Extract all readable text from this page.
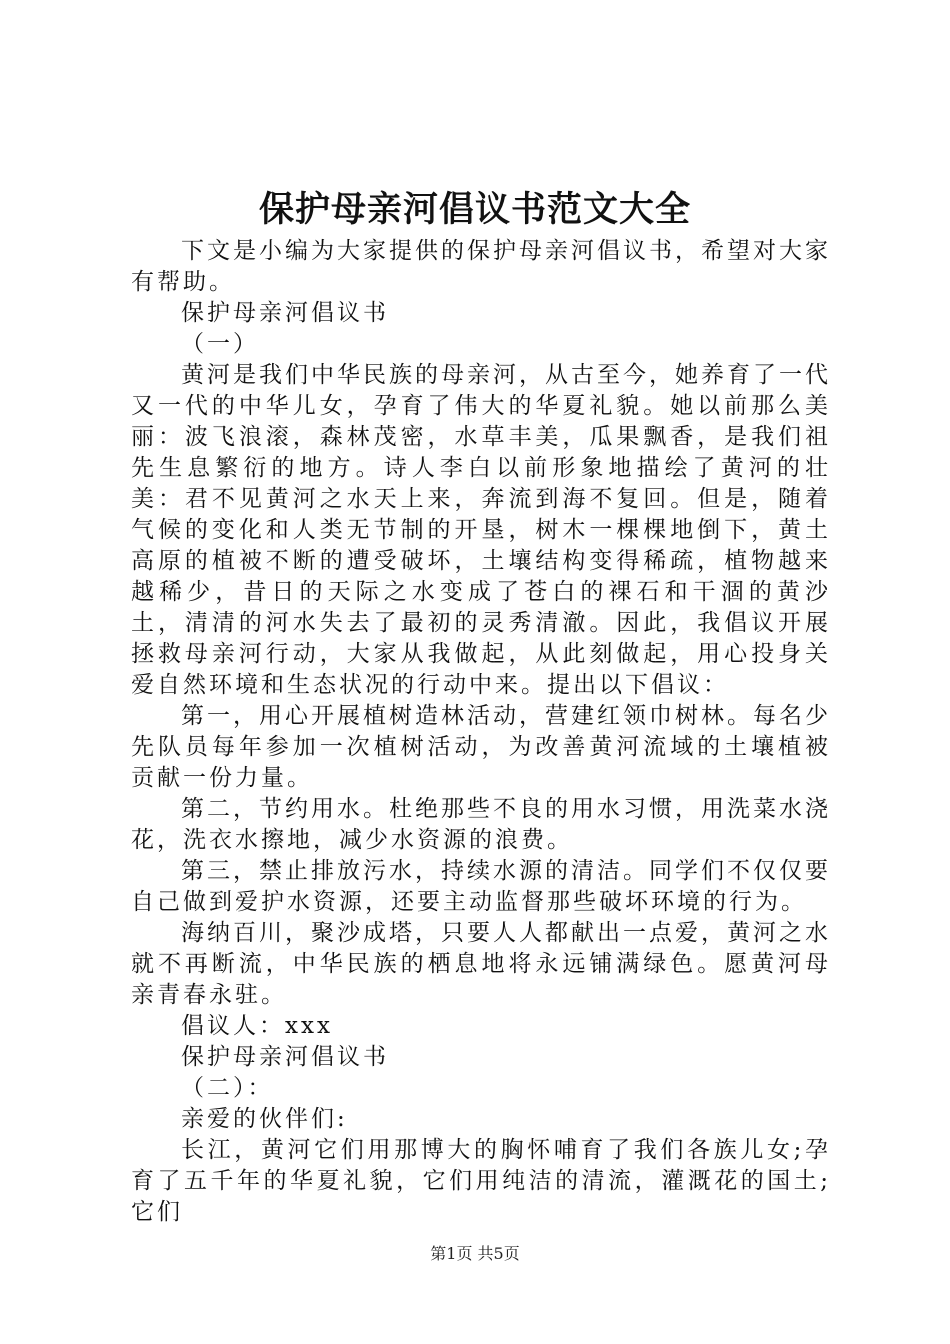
保护母亲河倡议书范文大全

下文是小编为大家提供的保护母亲河倡议书，希望对大家有帮助。

保护母亲河倡议书

（一）

黄河是我们中华民族的母亲河，从古至今，她养育了一代又一代的中华儿女，孕育了伟大的华夏礼貌。她以前那么美丽：波飞浪滚，森林茂密，水草丰美，瓜果飘香，是我们祖先生息繁衍的地方。诗人李白以前形象地描绘了黄河的壮美：君不见黄河之水天上来，奔流到海不复回。但是，随着气候的变化和人类无节制的开垦，树木一棵棵地倒下，黄土高原的植被不断的遭受破坏，土壤结构变得稀疏，植物越来越稀少，昔日的天际之水变成了苍白的裸石和干涸的黄沙土，清清的河水失去了最初的灵秀清澈。因此，我倡议开展拯救母亲河行动，大家从我做起，从此刻做起，用心投身关爱自然环境和生态状况的行动中来。提出以下倡议：

第一，用心开展植树造林活动，营建红领巾树林。每名少先队员每年参加一次植树活动，为改善黄河流域的土壤植被贡献一份力量。

第二，节约用水。杜绝那些不良的用水习惯，用洗菜水浇花，洗衣水擦地，减少水资源的浪费。

第三，禁止排放污水，持续水源的清洁。同学们不仅仅要自己做到爱护水资源，还要主动监督那些破坏环境的行为。

海纳百川，聚沙成塔，只要人人都献出一点爱，黄河之水就不再断流，中华民族的栖息地将永远铺满绿色。愿黄河母亲青春永驻。

倡议人：xxx

保护母亲河倡议书

（二）：

亲爱的伙伴们:

长江，黄河它们用那博大的胸怀哺育了我们各族儿女;孕育了五千年的华夏礼貌，它们用纯洁的清流，灌溉花的国土;它们

第1页 共5页
